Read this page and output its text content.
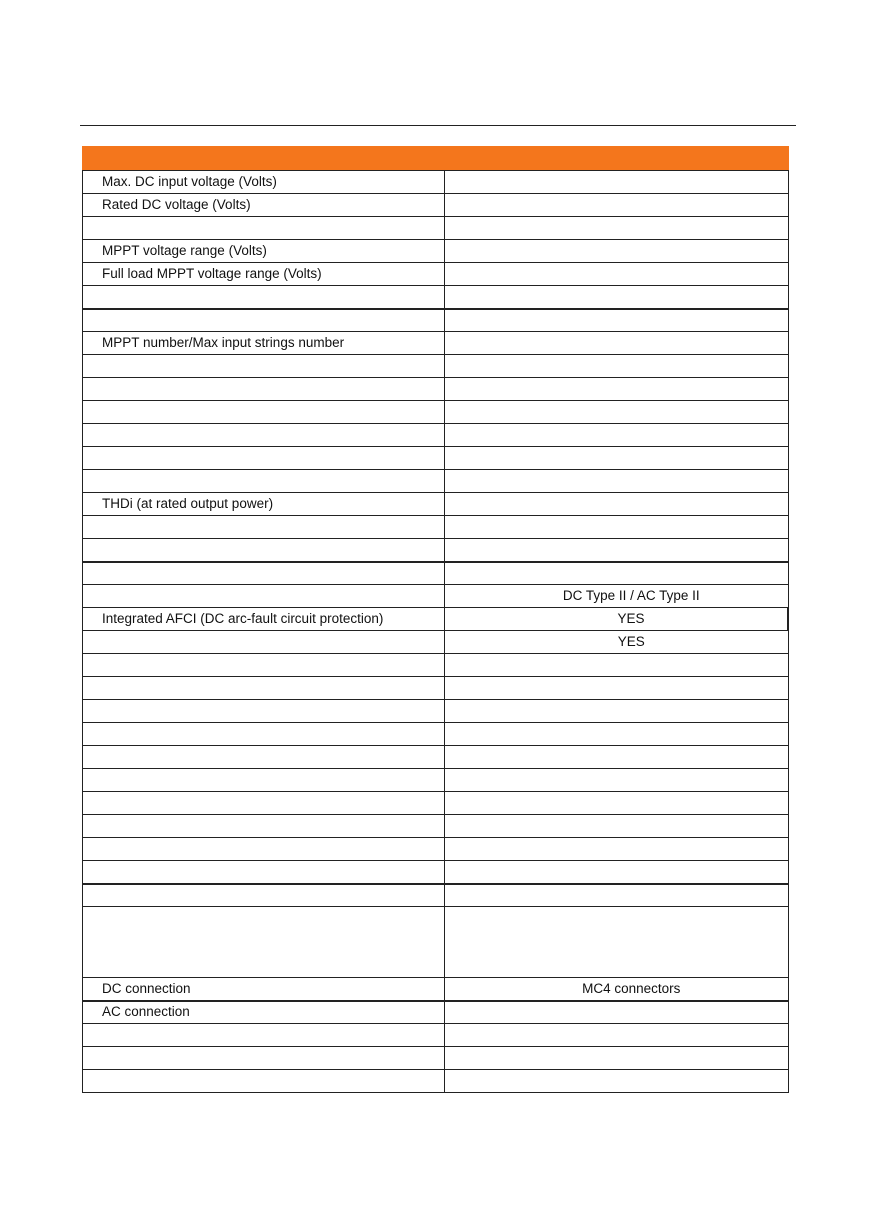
Max. DC input voltage (Volts)	
Rated DC voltage (Volts)	

MPPT voltage range (Volts)	
Full load MPPT voltage range (Volts)	

MPPT number/Max input strings number	

THDi (at rated output power)	

	DC Type II / AC Type II
Integrated AFCI (DC arc-fault circuit protection)	YES
	YES

DC connection	MC4 connectors
AC connection	
